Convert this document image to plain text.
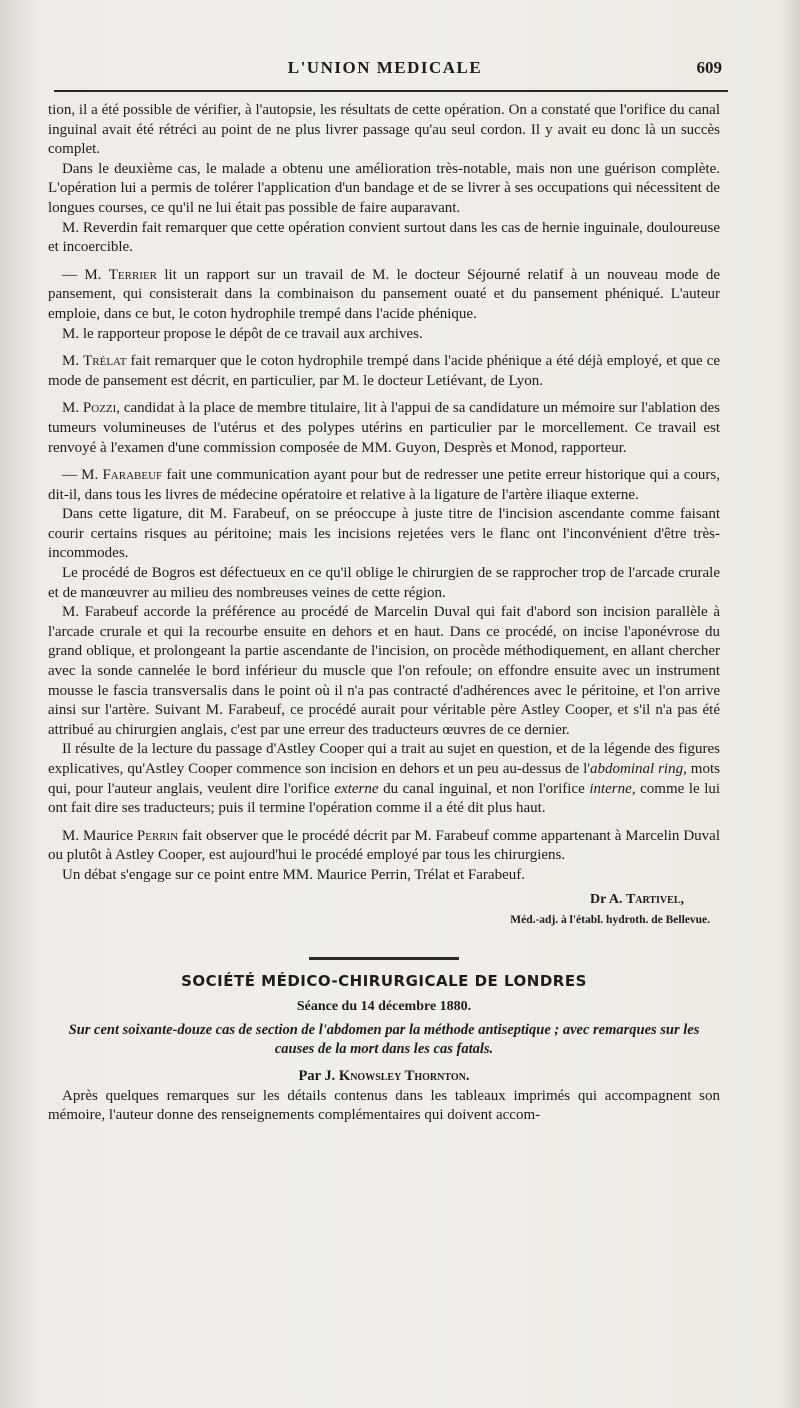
L'UNION MEDICALE	609

tion, il a été possible de vérifier, à l'autopsie, les résultats de cette opération. On a constaté que l'orifice du canal inguinal avait été rétréci au point de ne plus livrer passage qu'au seul cordon. Il y avait eu donc là un succès complet.

Dans le deuxième cas, le malade a obtenu une amélioration très-notable, mais non une guérison complète. L'opération lui a permis de tolérer l'application d'un bandage et de se livrer à ses occupations qui nécessitent de longues courses, ce qu'il ne lui était pas possible de faire auparavant.

M. Reverdin fait remarquer que cette opération convient surtout dans les cas de hernie inguinale, douloureuse et incoercible.

— M. Terrier lit un rapport sur un travail de M. le docteur Séjourné relatif à un nouveau mode de pansement, qui consisterait dans la combinaison du pansement ouaté et du pansement phéniqué. L'auteur emploie, dans ce but, le coton hydrophile trempé dans l'acide phénique.

M. le rapporteur propose le dépôt de ce travail aux archives.

M. Trélat fait remarquer que le coton hydrophile trempé dans l'acide phénique a été déjà employé, et que ce mode de pansement est décrit, en particulier, par M. le docteur Letiévant, de Lyon.

M. Pozzi, candidat à la place de membre titulaire, lit à l'appui de sa candidature un mémoire sur l'ablation des tumeurs volumineuses de l'utérus et des polypes utérins en particulier par le morcellement. Ce travail est renvoyé à l'examen d'une commission composée de MM. Guyon, Desprès et Monod, rapporteur.

— M. Farabeuf fait une communication ayant pour but de redresser une petite erreur historique qui a cours, dit-il, dans tous les livres de médecine opératoire et relative à la ligature de l'artère iliaque externe.

Dans cette ligature, dit M. Farabeuf, on se préoccupe à juste titre de l'incision ascendante comme faisant courir certains risques au péritoine; mais les incisions rejetées vers le flanc ont l'inconvénient d'être très-incommodes.

Le procédé de Bogros est défectueux en ce qu'il oblige le chirurgien de se rapprocher trop de l'arcade crurale et de manœuvrer au milieu des nombreuses veines de cette région.

M. Farabeuf accorde la préférence au procédé de Marcelin Duval qui fait d'abord son incision parallèle à l'arcade crurale et qui la recourbe ensuite en dehors et en haut. Dans ce procédé, on incise l'aponévrose du grand oblique, et prolongeant la partie ascendante de l'incision, on procède méthodiquement, en allant chercher avec la sonde cannelée le bord inférieur du muscle que l'on refoule; on effondre ensuite avec un instrument mousse le fascia transversalis dans le point où il n'a pas contracté d'adhérences avec le péritoine, et l'on arrive ainsi sur l'artère. Suivant M. Farabeuf, ce procédé aurait pour véritable père Astley Cooper, et s'il n'a pas été attribué au chirurgien anglais, c'est par une erreur des traducteurs œuvres de ce dernier.

Il résulte de la lecture du passage d'Astley Cooper qui a trait au sujet en question, et de la légende des figures explicatives, qu'Astley Cooper commence son incision en dehors et un peu au-dessus de l'abdominal ring, mots qui, pour l'auteur anglais, veulent dire l'orifice externe du canal inguinal, et non l'orifice interne, comme le lui ont fait dire ses traducteurs; puis il termine l'opération comme il a été dit plus haut.

M. Maurice Perrin fait observer que le procédé décrit par M. Farabeuf comme appartenant à Marcelin Duval ou plutôt à Astley Cooper, est aujourd'hui le procédé employé par tous les chirurgiens.

Un débat s'engage sur ce point entre MM. Maurice Perrin, Trélat et Farabeuf.

Dr A. Tartivel,
Méd.-adj. à l'établ. hydroth. de Bellevue.
SOCIÉTÉ MÉDICO-CHIRURGICALE DE LONDRES
Séance du 14 décembre 1880.
Sur cent soixante-douze cas de section de l'abdomen par la méthode antiseptique ; avec remarques sur les causes de la mort dans les cas fatals.
Par J. Knowsley Thornton.

Après quelques remarques sur les détails contenus dans les tableaux imprimés qui accompagnent son mémoire, l'auteur donne des renseignements complémentaires qui doivent accom-
